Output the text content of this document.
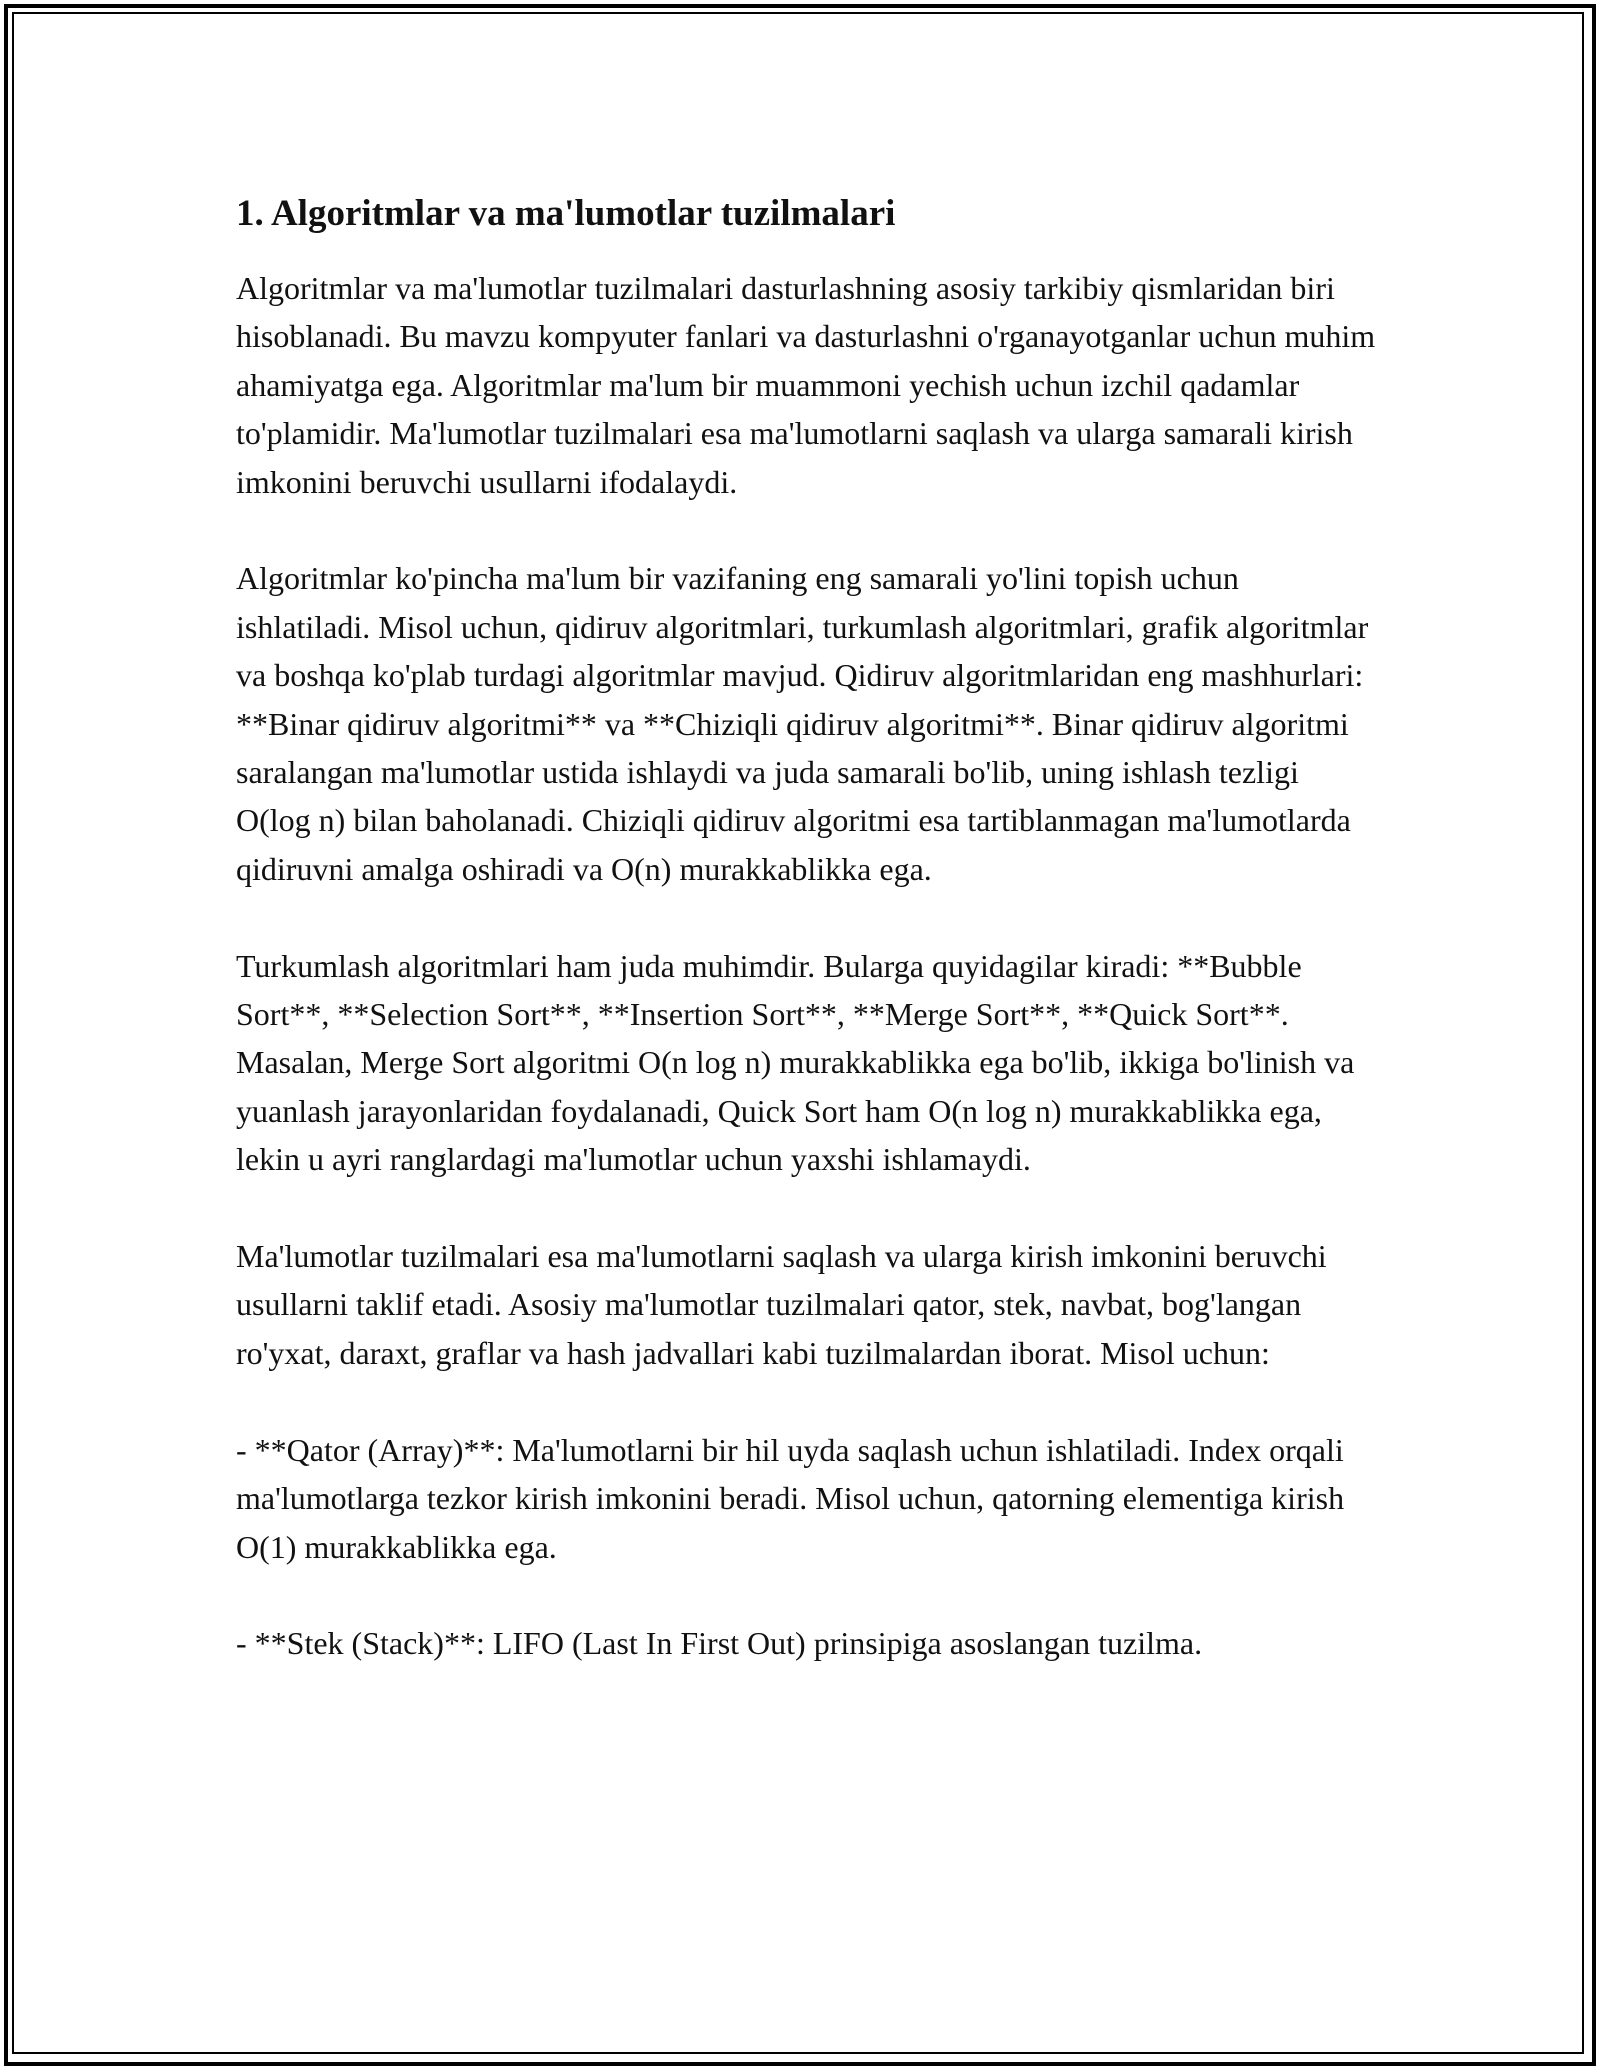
1. Algoritmlar va ma'lumotlar tuzilmalari

Algoritmlar va ma'lumotlar tuzilmalari dasturlashning asosiy tarkibiy qismlaridan biri hisoblanadi. Bu mavzu kompyuter fanlari va dasturlashni o'rganayotganlar uchun muhim ahamiyatga ega. Algoritmlar ma'lum bir muammoni yechish uchun izchil qadamlar to'plamidir. Ma'lumotlar tuzilmalari esa ma'lumotlarni saqlash va ularga samarali kirish imkonini beruvchi usullarni ifodalaydi.

Algoritmlar ko'pincha ma'lum bir vazifaning eng samarali yo'lini topish uchun ishlatiladi. Misol uchun, qidiruv algoritmlari, turkumlash algoritmlari, grafik algoritmlar va boshqa ko'plab turdagi algoritmlar mavjud. Qidiruv algoritmlaridan eng mashhurlari: **Binar qidiruv algoritmi** va **Chiziqli qidiruv algoritmi**. Binar qidiruv algoritmi saralangan ma'lumotlar ustida ishlaydi va juda samarali bo'lib, uning ishlash tezligi O(log n) bilan baholanadi. Chiziqli qidiruv algoritmi esa tartiblanmagan ma'lumotlarda qidiruvni amalga oshiradi va O(n) murakkablikka ega.

Turkumlash algoritmlari ham juda muhimdir. Bularga quyidagilar kiradi: **Bubble Sort**, **Selection Sort**, **Insertion Sort**, **Merge Sort**, **Quick Sort**. Masalan, Merge Sort algoritmi O(n log n) murakkablikka ega bo'lib, ikkiga bo'linish va yuanlash jarayonlaridan foydalanadi, Quick Sort ham O(n log n) murakkablikka ega, lekin u ayri ranglardagi ma'lumotlar uchun yaxshi ishlamaydi.

Ma'lumotlar tuzilmalari esa ma'lumotlarni saqlash va ularga kirish imkonini beruvchi usullarni taklif etadi. Asosiy ma'lumotlar tuzilmalari qator, stek, navbat, bog'langan ro'yxat, daraxt, graflar va hash jadvallari kabi tuzilmalardan iborat. Misol uchun:

- **Qator (Array)**: Ma'lumotlarni bir hil uyda saqlash uchun ishlatiladi. Index orqali ma'lumotlarga tezkor kirish imkonini beradi. Misol uchun, qatorning elementiga kirish O(1) murakkablikka ega.

- **Stek (Stack)**: LIFO (Last In First Out) prinsipiga asoslangan tuzilma.
